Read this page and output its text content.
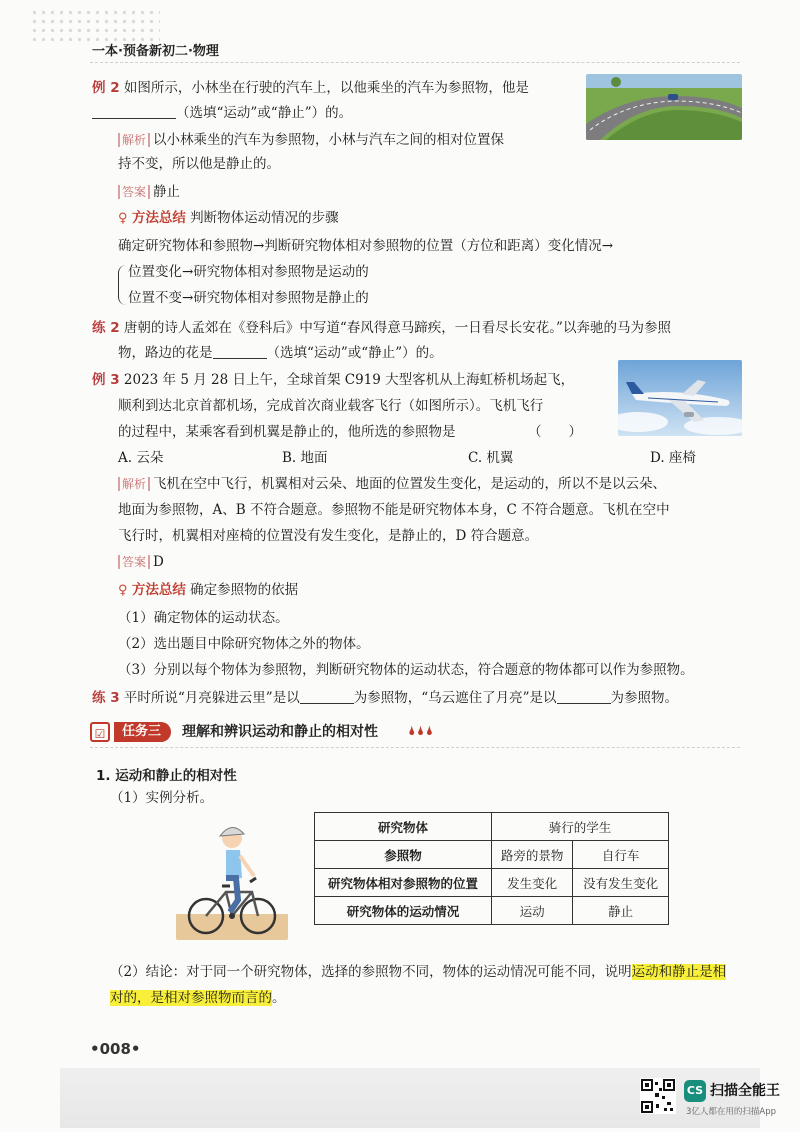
一本·预备新初二·物理
例 2 如图所示，小林坐在行驶的汽车上，以他乘坐的汽车为参照物，他是
（选填“运动”或“静止”）的。
解析 以小林乘坐的汽车为参照物，小林与汽车之间的相对位置保
持不变，所以他是静止的。
答案 静止
♀ 方法总结 判断物体运动情况的步骤
确定研究物体和参照物→判断研究物体相对参照物的位置（方位和距离）变化情况→
位置变化→研究物体相对参照物是运动的
位置不变→研究物体相对参照物是静止的
练 2 唐朝的诗人孟郊在《登科后》中写道“春风得意马蹄疾，一日看尽长安花。”以奔驰的马为参照
物，路边的花是	（选填“运动”或“静止”）的。
例 3 2023 年 5 月 28 日上午，全球首架 C919 大型客机从上海虹桥机场起飞，
顺利到达北京首都机场，完成首次商业载客飞行（如图所示）。飞机飞行
的过程中，某乘客看到机翼是静止的，他所选的参照物是	（　　）
A. 云朵	B. 地面	C. 机翼	D. 座椅
解析 飞机在空中飞行，机翼相对云朵、地面的位置发生变化，是运动的，所以不是以云朵、
地面为参照物，A、B 不符合题意。参照物不能是研究物体本身，C 不符合题意。飞机在空中
飞行时，机翼相对座椅的位置没有发生变化，是静止的，D 符合题意。
答案 D
♀ 方法总结 确定参照物的依据
（1）确定物体的运动状态。
（2）选出题目中除研究物体之外的物体。
（3）分别以每个物体为参照物，判断研究物体的运动状态，符合题意的物体都可以作为参照物。
练 3 平时所说“月亮躲进云里”是以	为参照物，“乌云遮住了月亮”是以	为参照物。
☑	任务三	理解和辨识运动和静止的相对性 🌢🌢🌢
1. 运动和静止的相对性
（1）实例分析。
研究物体	骑行的学生	
参照物	路旁的景物	自行车
研究物体相对参照物的位置	发生变化	没有发生变化
研究物体的运动情况	运动	静止
（2）结论：对于同一个研究物体，选择的参照物不同，物体的运动情况可能不同，说明运动和静止是相
对的，是相对参照物而言的。
•008•
CS 扫描全能王
3亿人都在用的扫描App
